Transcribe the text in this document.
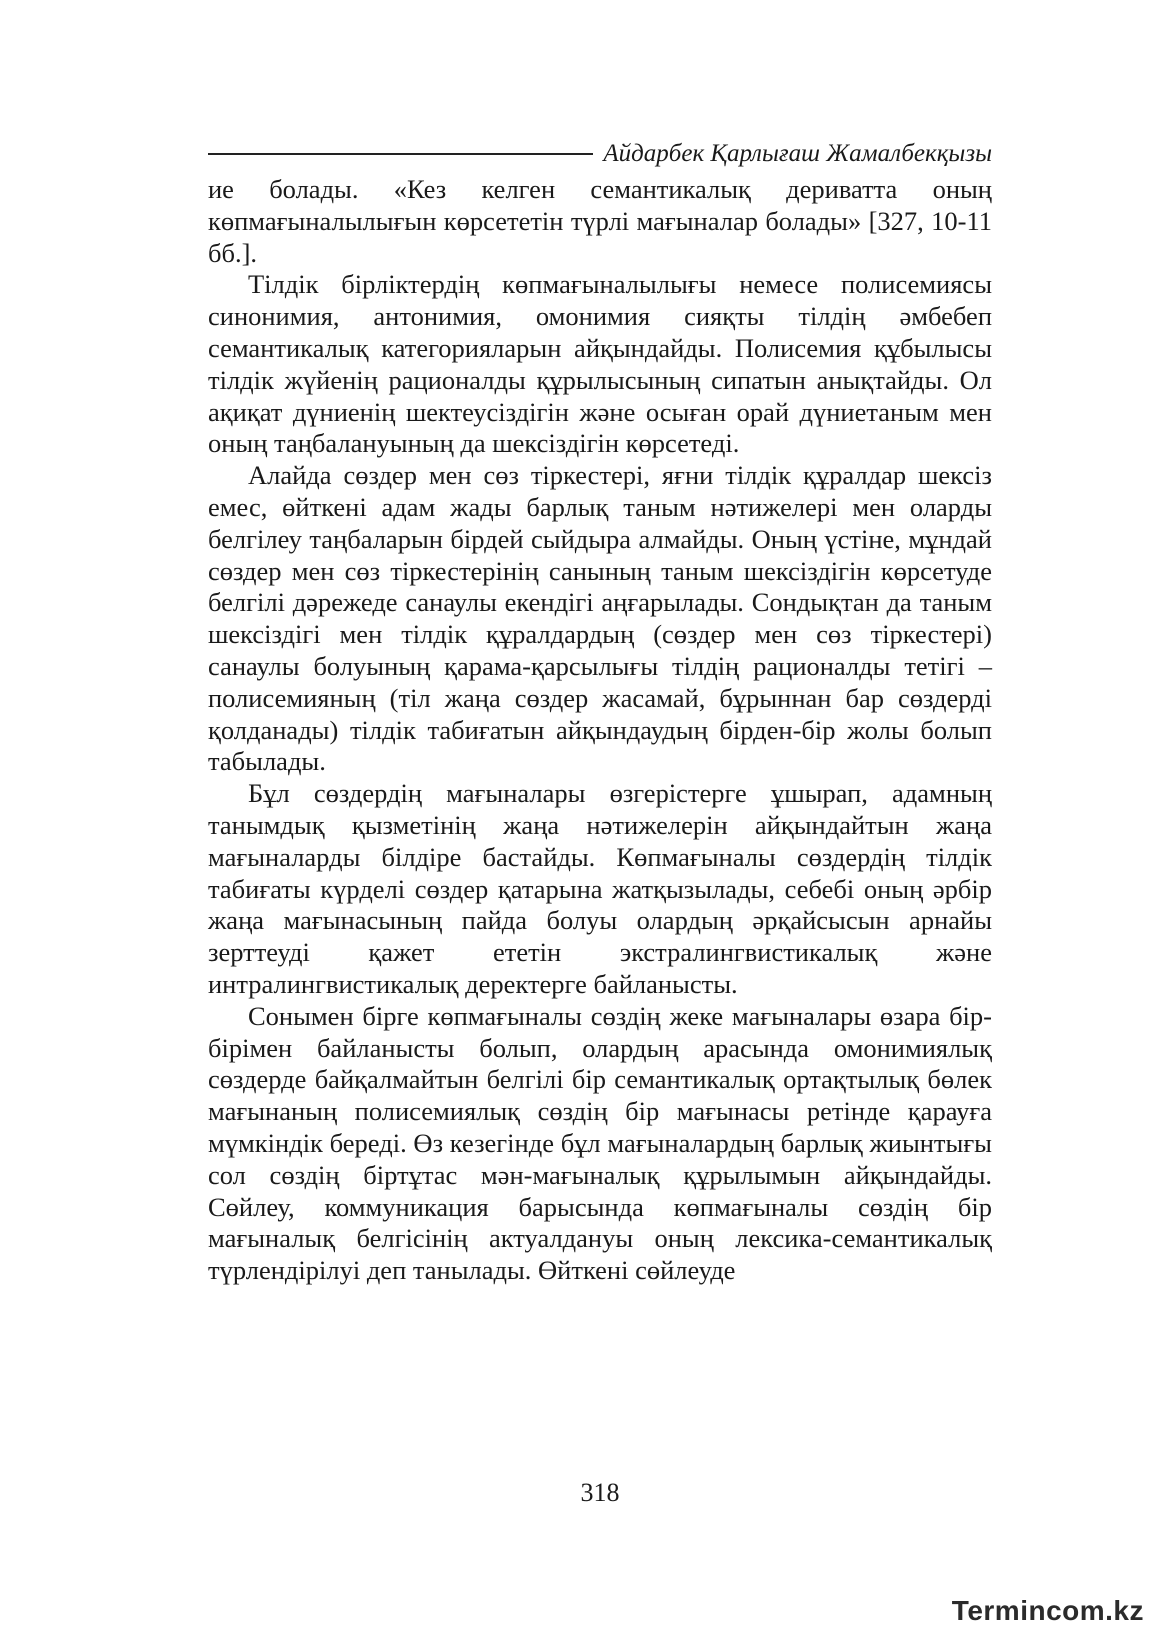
Айдарбек Қарлығаш Жамалбекқызы

ие болады. «Кез келген семантикалық дериватта оның көпмағыналылығын көрсететін түрлі мағыналар болады» [327, 10-11 бб.].

Тілдік бірліктердің көпмағыналылығы немесе полисемиясы синонимия, антонимия, омонимия сияқты тілдің әмбебеп семантикалық категорияларын айқындайды. Полисемия құбылысы тілдік жүйенің рационалды құрылысының сипатын анықтайды. Ол ақиқат дүниенің шектеусіздігін және осыған орай дүниетаным мен оның таңбалануының да шексіздігін көрсетеді.

Алайда сөздер мен сөз тіркестері, яғни тілдік құралдар шексіз емес, өйткені адам жады барлық таным нәтижелері мен оларды белгілеу таңбаларын бірдей сыйдыра алмайды. Оның үстіне, мұндай сөздер мен сөз тіркестерінің санының таным шексіздігін көрсетуде белгілі дәрежеде санаулы екендігі аңғарылады. Сондықтан да таным шексіздігі мен тілдік құралдардың (сөздер мен сөз тіркестері) санаулы болуының қарама-қарсылығы тілдің рационалды тетігі – полисемияның (тіл жаңа сөздер жасамай, бұрыннан бар сөздерді қолданады) тілдік табиғатын айқындаудың бірден-бір жолы болып табылады.

Бұл сөздердің мағыналары өзгерістерге ұшырап, адамның танымдық қызметінің жаңа нәтижелерін айқындайтын жаңа мағыналарды білдіре бастайды. Көпмағыналы сөздердің тілдік табиғаты күрделі сөздер қатарына жатқызылады, себебі оның әрбір жаңа мағынасының пайда болуы олардың әрқайсысын арнайы зерттеуді қажет ететін экстралингвистикалық және интралингвистикалық деректерге байланысты.

Сонымен бірге көпмағыналы сөздің жеке мағыналары өзара бір-бірімен байланысты болып, олардың арасында омонимиялық сөздерде байқалмайтын белгілі бір семантикалық ортақтылық бөлек мағынаның полисемиялық сөздің бір мағынасы ретінде қарауға мүмкіндік береді. Өз кезегінде бұл мағыналардың барлық жиынтығы сол сөздің біртұтас мән-мағыналық құрылымын айқындайды. Сөйлеу, коммуникация барысында көпмағыналы сөздің бір мағыналық белгісінің актуалдануы оның лексика-семантикалық түрлендірілуі деп танылады. Өйткені сөйлеуде

318
Termincom.kz
